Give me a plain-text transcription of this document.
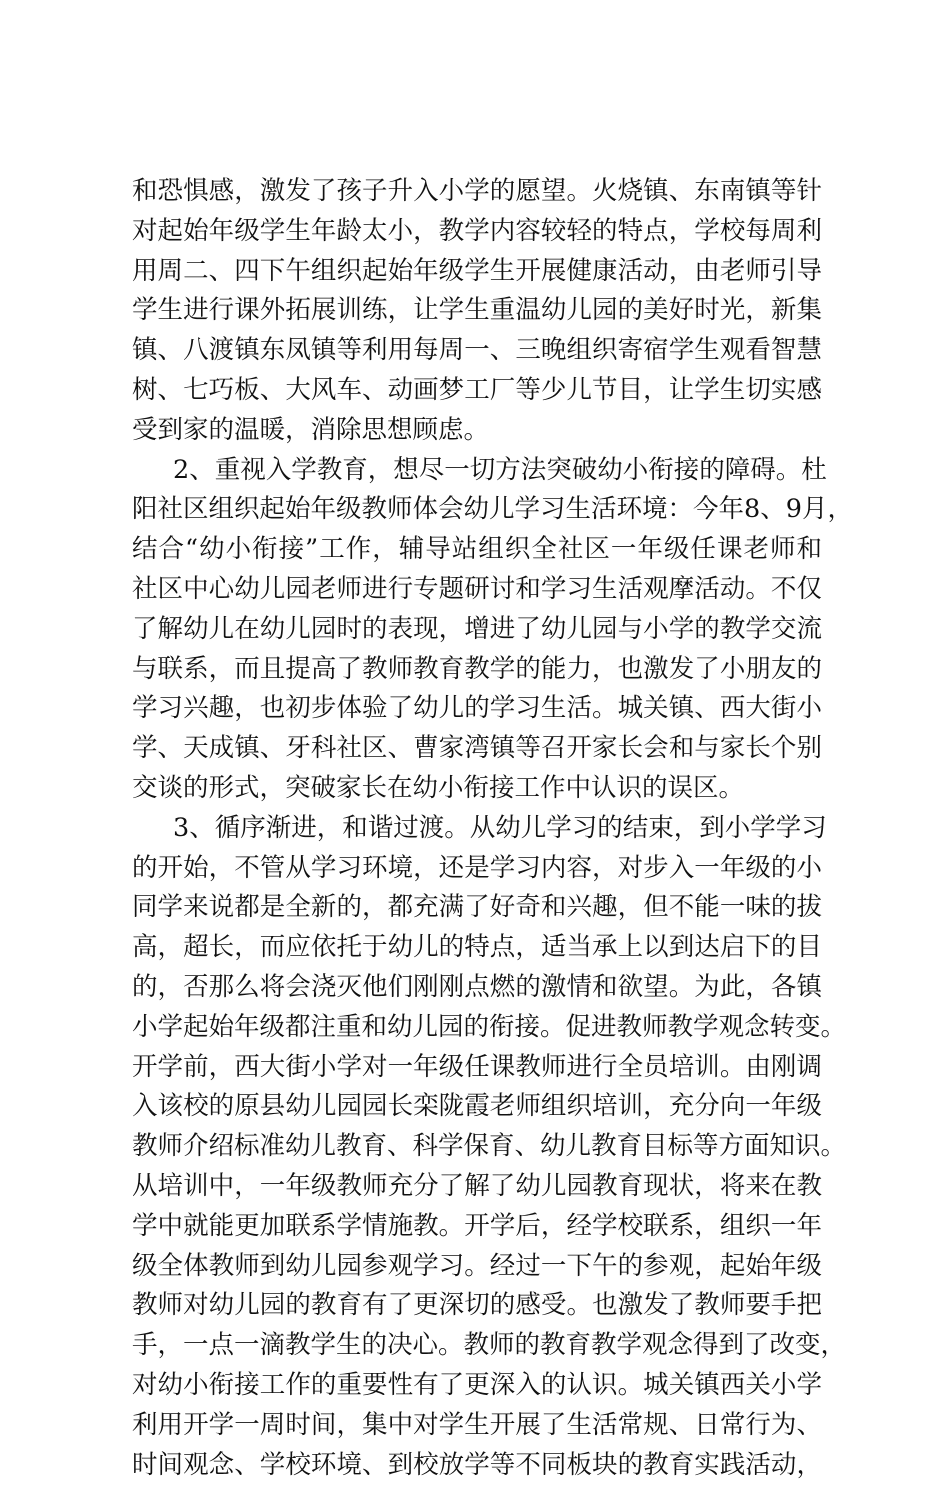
和恐惧感，激发了孩子升入小学的愿望。火烧镇、东南镇等针
对起始年级学生年龄太小，教学内容较轻的特点，学校每周利
用周二、四下午组织起始年级学生开展健康活动，由老师引导
学生进行课外拓展训练，让学生重温幼儿园的美好时光，新集
镇、八渡镇东凤镇等利用每周一、三晚组织寄宿学生观看智慧
树、七巧板、大风车、动画梦工厂等少儿节目，让学生切实感
受到家的温暖，消除思想顾虑。
2、重视入学教育，想尽一切方法突破幼小衔接的障碍。杜
阳社区组织起始年级教师体会幼儿学习生活环境：今年8、9月，
结合“幼小衔接”工作，辅导站组织全社区一年级任课老师和
社区中心幼儿园老师进行专题研讨和学习生活观摩活动。不仅
了解幼儿在幼儿园时的表现，增进了幼儿园与小学的教学交流
与联系，而且提高了教师教育教学的能力，也激发了小朋友的
学习兴趣，也初步体验了幼儿的学习生活。城关镇、西大街小
学、天成镇、牙科社区、曹家湾镇等召开家长会和与家长个别
交谈的形式，突破家长在幼小衔接工作中认识的误区。
3、循序渐进，和谐过渡。从幼儿学习的结束，到小学学习
的开始，不管从学习环境，还是学习内容，对步入一年级的小
同学来说都是全新的，都充满了好奇和兴趣，但不能一味的拔
高，超长，而应依托于幼儿的特点，适当承上以到达启下的目
的，否那么将会浇灭他们刚刚点燃的激情和欲望。为此，各镇
小学起始年级都注重和幼儿园的衔接。促进教师教学观念转变。
开学前，西大街小学对一年级任课教师进行全员培训。由刚调
入该校的原县幼儿园园长栾陇霞老师组织培训，充分向一年级
教师介绍标准幼儿教育、科学保育、幼儿教育目标等方面知识。
从培训中，一年级教师充分了解了幼儿园教育现状，将来在教
学中就能更加联系学情施教。开学后，经学校联系，组织一年
级全体教师到幼儿园参观学习。经过一下午的参观，起始年级
教师对幼儿园的教育有了更深切的感受。也激发了教师要手把
手，一点一滴教学生的决心。教师的教育教学观念得到了改变，
对幼小衔接工作的重要性有了更深入的认识。城关镇西关小学
利用开学一周时间，集中对学生开展了生活常规、日常行为、
时间观念、学校环境、到校放学等不同板块的教育实践活动，
